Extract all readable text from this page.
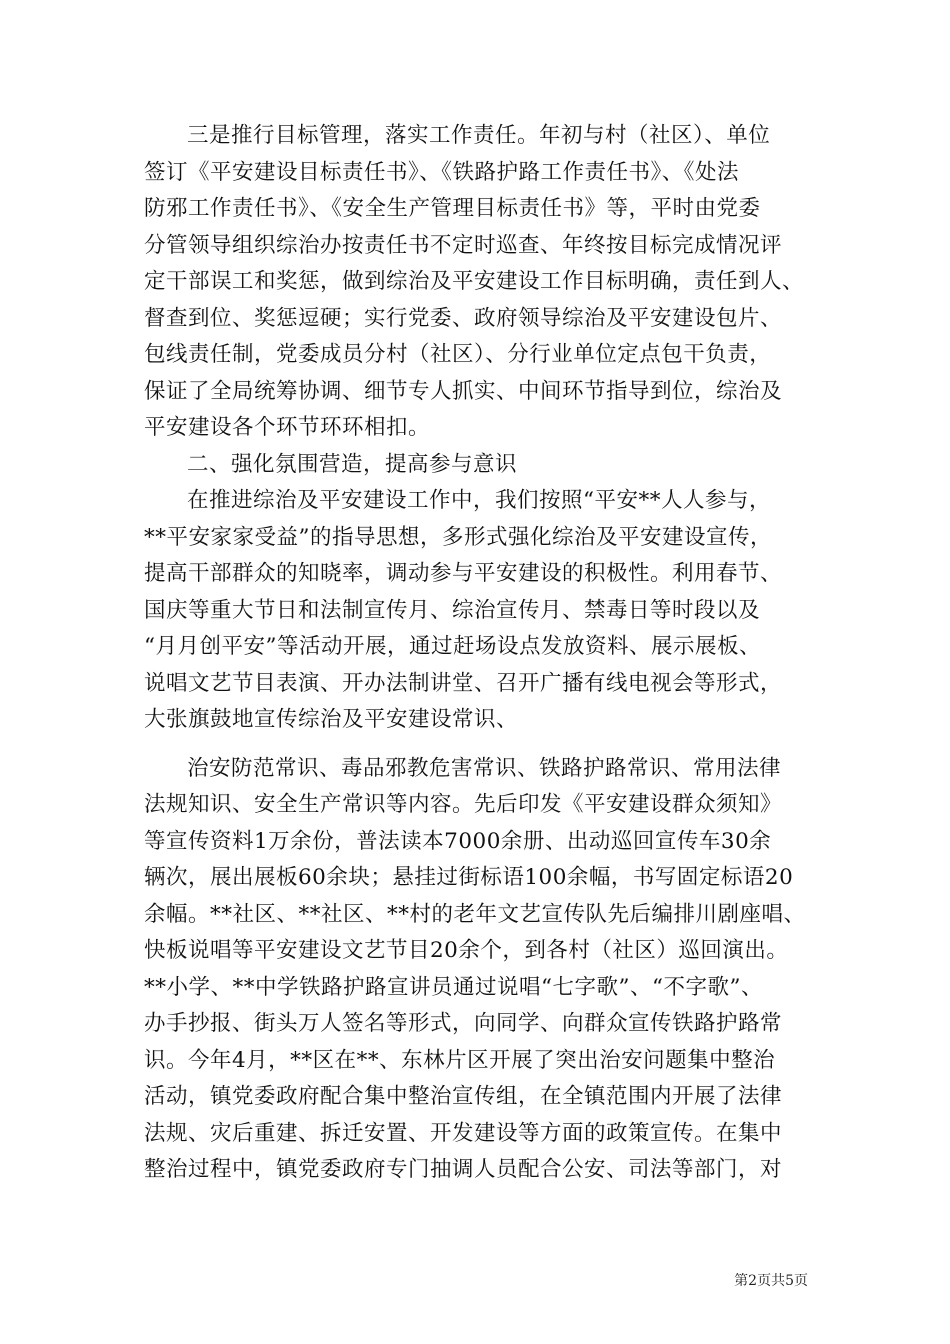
三是推行目标管理，落实工作责任。年初与村（社区）、单位
签订《平安建设目标责任书》、《铁路护路工作责任书》、《处法
防邪工作责任书》、《安全生产管理目标责任书》等，平时由党委
分管领导组织综治办按责任书不定时巡查、年终按目标完成情况评
定干部误工和奖惩，做到综治及平安建设工作目标明确，责任到人、
督查到位、奖惩逗硬；实行党委、政府领导综治及平安建设包片、
包线责任制，党委成员分村（社区）、分行业单位定点包干负责，
保证了全局统筹协调、细节专人抓实、中间环节指导到位，综治及
平安建设各个环节环环相扣。

二、强化氛围营造，提高参与意识

在推进综治及平安建设工作中，我们按照“平安**人人参与，
**平安家家受益”的指导思想，多形式强化综治及平安建设宣传，
提高干部群众的知晓率，调动参与平安建设的积极性。利用春节、
国庆等重大节日和法制宣传月、综治宣传月、禁毒日等时段以及
“月月创平安”等活动开展，通过赶场设点发放资料、展示展板、
说唱文艺节目表演、开办法制讲堂、召开广播有线电视会等形式，
大张旗鼓地宣传综治及平安建设常识、

治安防范常识、毒品邪教危害常识、铁路护路常识、常用法律
法规知识、安全生产常识等内容。先后印发《平安建设群众须知》
等宣传资料1万余份，普法读本7000余册、出动巡回宣传车30余
辆次，展出展板60余块；悬挂过街标语100余幅，书写固定标语20
余幅。**社区、**社区、**村的老年文艺宣传队先后编排川剧座唱、
快板说唱等平安建设文艺节目20余个，到各村（社区）巡回演出。
**小学、**中学铁路护路宣讲员通过说唱“七字歌”、“不字歌”、
办手抄报、街头万人签名等形式，向同学、向群众宣传铁路护路常
识。今年4月，**区在**、东林片区开展了突出治安问题集中整治
活动，镇党委政府配合集中整治宣传组，在全镇范围内开展了法律
法规、灾后重建、拆迁安置、开发建设等方面的政策宣传。在集中
整治过程中，镇党委政府专门抽调人员配合公安、司法等部门，对

第2页共5页
